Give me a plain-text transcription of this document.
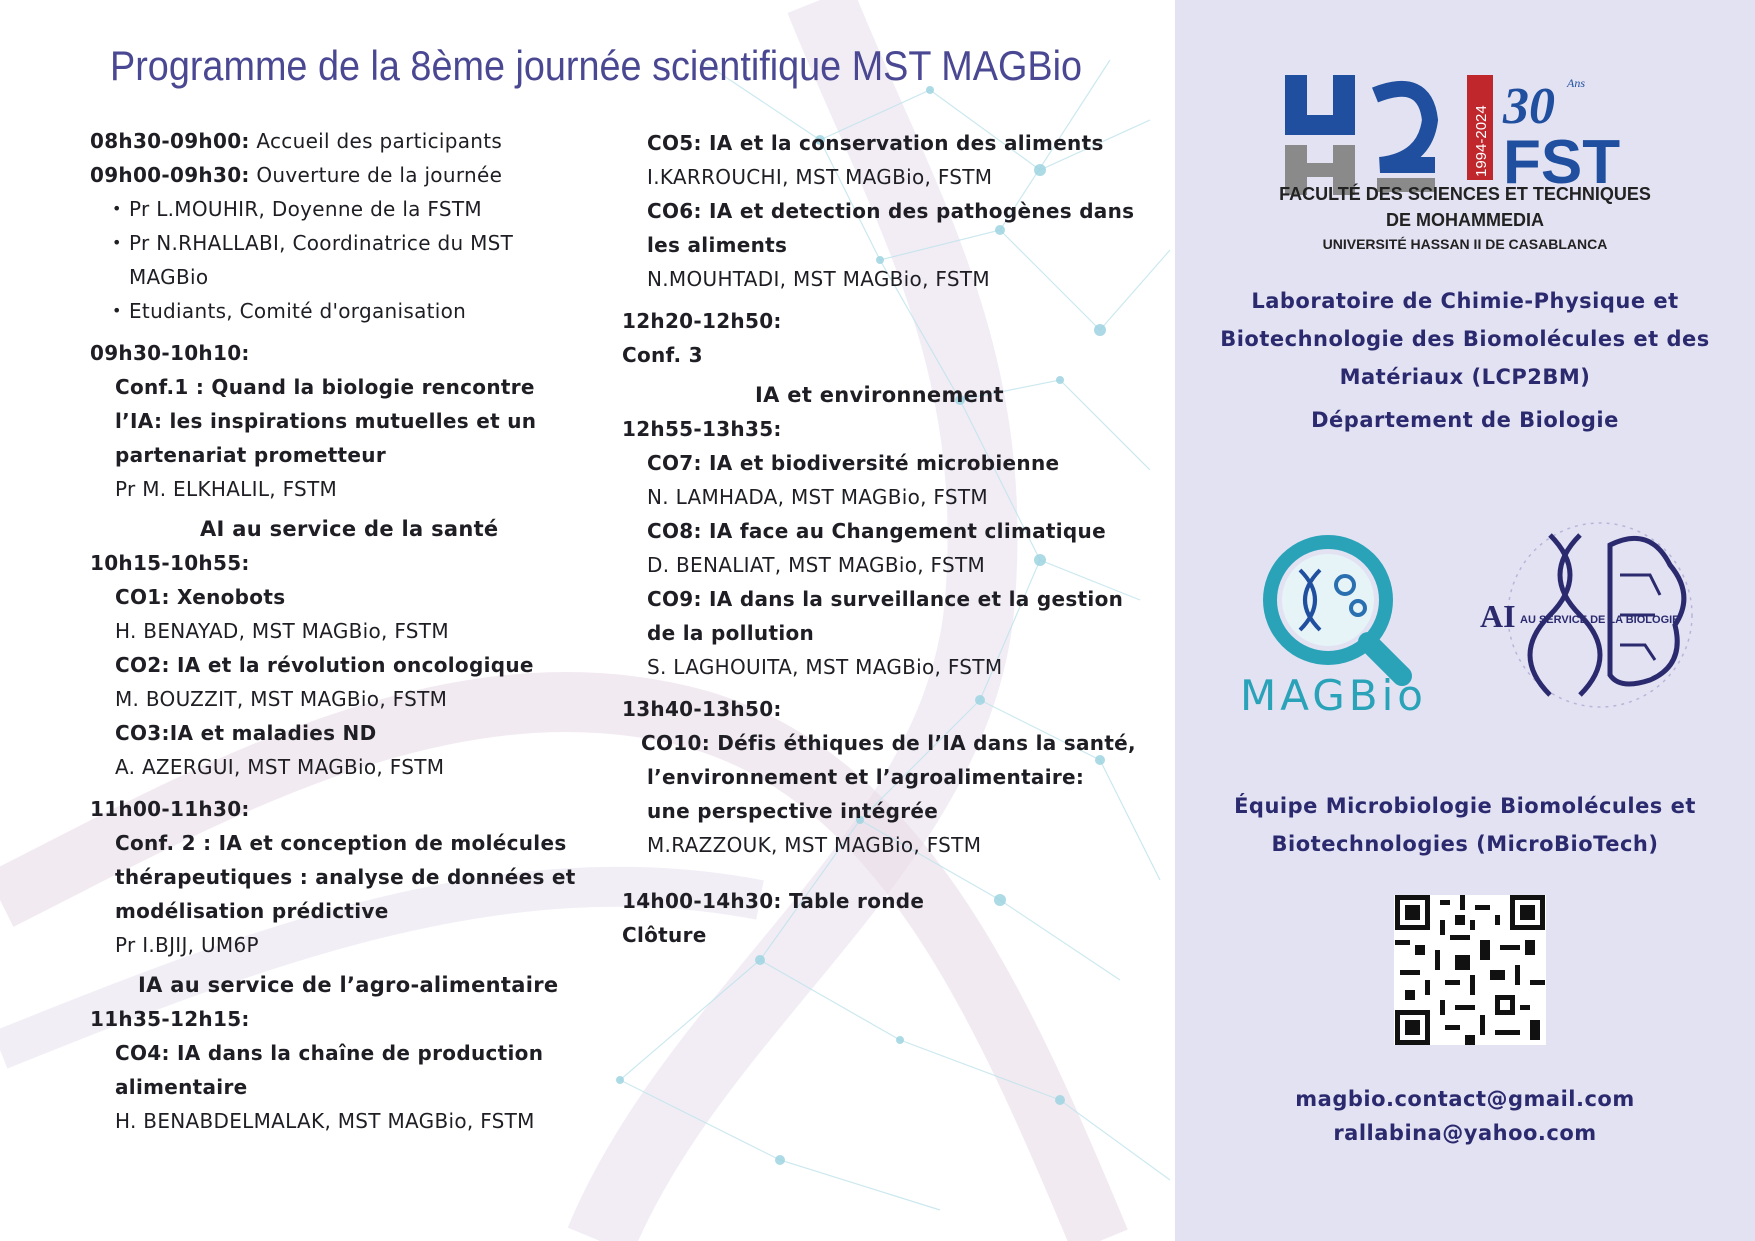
Programme de la 8ème journée scientifique MST MAGBio
08h30-09h00: Accueil des participants
09h00-09h30: Ouverture de la journée
• Pr L.MOUHIR, Doyenne de la FSTM
• Pr N.RHALLABI, Coordinatrice du MST MAGBio
• Etudiants, Comité d'organisation
09h30-10h10:
Conf.1 : Quand la biologie rencontre
l’IA: les inspirations mutuelles et un
partenariat prometteur
Pr M. ELKHALIL, FSTM
AI au service de la santé
10h15-10h55:
CO1: Xenobots
H. BENAYAD, MST MAGBio, FSTM
CO2: IA et la révolution oncologique
M. BOUZZIT, MST MAGBio, FSTM
CO3:IA et maladies ND
A. AZERGUI, MST MAGBio, FSTM
11h00-11h30:
Conf. 2 : IA et conception de molécules
thérapeutiques : analyse de données et
modélisation prédictive
Pr I.BJIJ, UM6P
IA au service de l’agro-alimentaire
11h35-12h15:
CO4: IA dans la chaîne de production
alimentaire
H. BENABDELMALAK, MST MAGBio, FSTM
CO5: IA et la conservation des aliments
I.KARROUCHI, MST MAGBio, FSTM
CO6: IA et detection des pathogènes dans
les aliments
N.MOUHTADI, MST MAGBio, FSTM
12h20-12h50:
Conf. 3
IA et environnement
12h55-13h35:
CO7: IA et biodiversité microbienne
N. LAMHADA, MST MAGBio, FSTM
CO8: IA face au Changement climatique
D. BENALIAT, MST MAGBio, FSTM
CO9: IA dans la surveillance et la gestion
de la pollution
S. LAGHOUITA, MST MAGBio, FSTM
13h40-13h50:
CO10: Défis éthiques de l’IA dans la santé,
l’environnement et l’agroalimentaire:
une perspective intégrée
M.RAZZOUK, MST MAGBio, FSTM
14h00-14h30: Table ronde
Clôture
1994-2024 30 Ans
FST
FACULTÉ DES SCIENCES ET TECHNIQUES
DE MOHAMMEDIA
UNIVERSITÉ HASSAN II DE CASABLANCA
Laboratoire de Chimie-Physique et
Biotechnologie des Biomolécules et des
Matériaux (LCP2BM)
Département de Biologie
MAGBio
AI AU SERVICE DE LA BIOLOGIE
Équipe Microbiologie Biomolécules et
Biotechnologies (MicroBioTech)
magbio.contact@gmail.com
rallabina@yahoo.com
